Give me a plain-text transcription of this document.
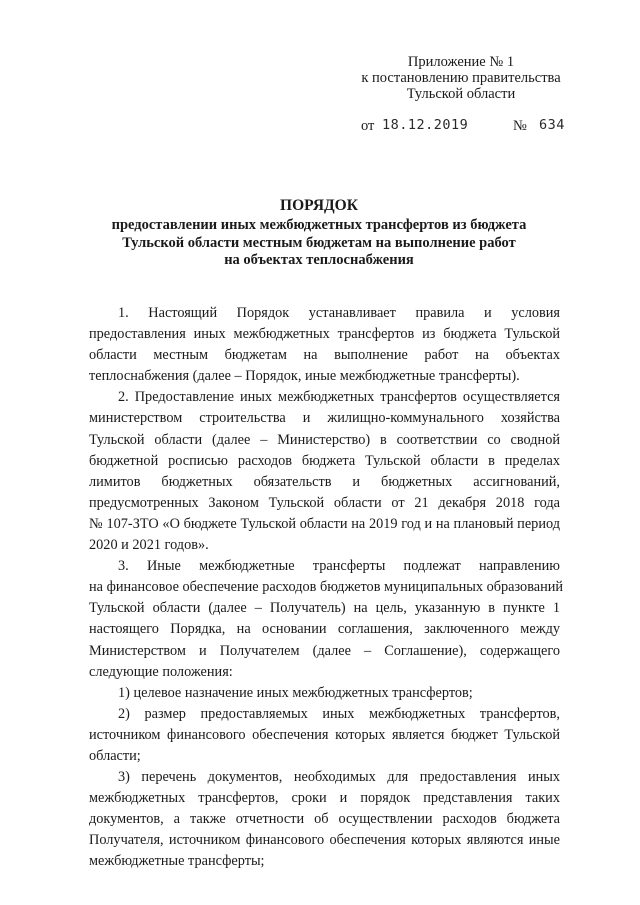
Приложение № 1
к постановлению правительства
Тульской области
от 18.12.2019	№ 634
ПОРЯДОК
предоставлении иных межбюджетных трансфертов из бюджета
Тульской области местным бюджетам на выполнение работ
на объектах теплоснабжения

1. Настоящий Порядок устанавливает правила и условия
предоставления иных межбюджетных трансфертов из бюджета Тульской
области местным бюджетам на выполнение работ на объектах
теплоснабжения (далее – Порядок, иные межбюджетные трансферты).

2. Предоставление иных межбюджетных трансфертов осуществляется
министерством строительства и жилищно-коммунального хозяйства
Тульской области (далее – Министерство) в соответствии со сводной
бюджетной росписью расходов бюджета Тульской области в пределах
лимитов бюджетных обязательств и бюджетных ассигнований,
предусмотренных Законом Тульской области от 21 декабря 2018 года
№ 107-ЗТО «О бюджете Тульской области на 2019 год и на плановый период
2020 и 2021 годов».

3. Иные межбюджетные трансферты подлежат направлению
на финансовое обеспечение расходов бюджетов муниципальных образований
Тульской области (далее – Получатель) на цель, указанную в пункте 1
настоящего Порядка, на основании соглашения, заключенного между
Министерством и Получателем (далее – Соглашение), содержащего
следующие положения:

1) целевое назначение иных межбюджетных трансфертов;

2) размер предоставляемых иных межбюджетных трансфертов,
источником финансового обеспечения которых является бюджет Тульской
области;

3) перечень документов, необходимых для предоставления иных
межбюджетных трансфертов, сроки и порядок представления таких
документов, а также отчетности об осуществлении расходов бюджета
Получателя, источником финансового обеспечения которых являются иные
межбюджетные трансферты;
